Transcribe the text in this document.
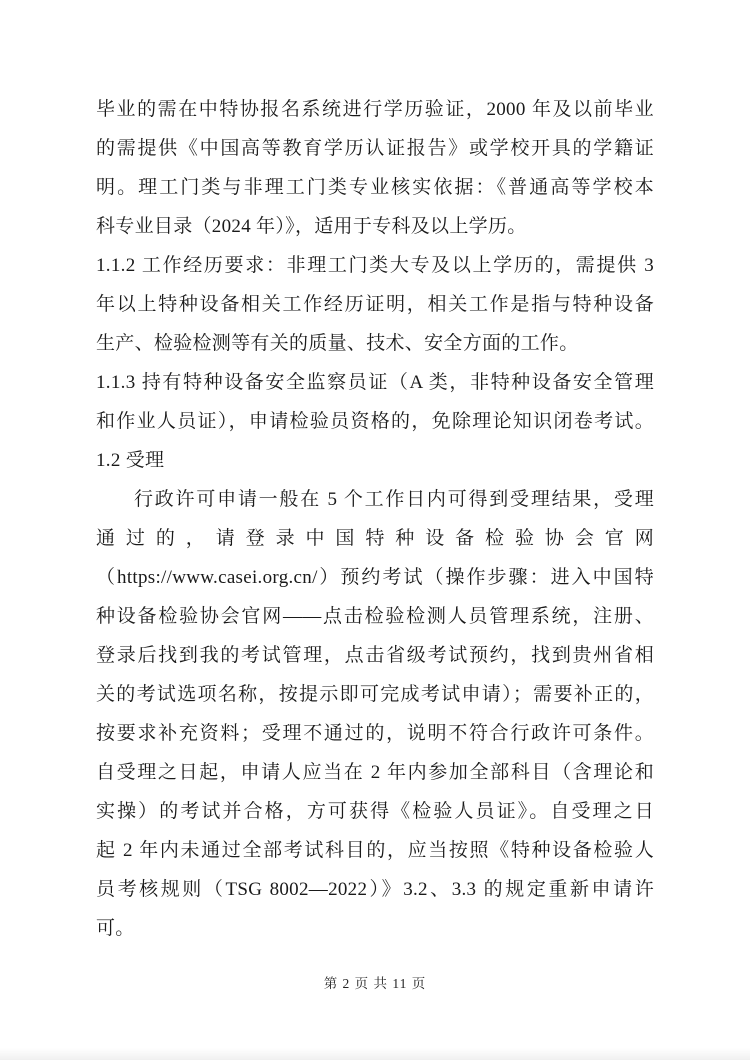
毕业的需在中特协报名系统进行学历验证，2000 年及以前毕业
的需提供《中国高等教育学历认证报告》或学校开具的学籍证
明。理工门类与非理工门类专业核实依据：《普通高等学校本
科专业目录（2024 年）》，适用于专科及以上学历。
1.1.2 工作经历要求：非理工门类大专及以上学历的，需提供 3
年以上特种设备相关工作经历证明，相关工作是指与特种设备
生产、检验检测等有关的质量、技术、安全方面的工作。
1.1.3 持有特种设备安全监察员证（A 类，非特种设备安全管理
和作业人员证），申请检验员资格的，免除理论知识闭卷考试。
1.2 受理
行政许可申请一般在 5 个工作日内可得到受理结果，受理
通过的，请登录中国特种设备检验协会官网
（https://www.casei.org.cn/）预约考试（操作步骤：进入中国特
种设备检验协会官网——点击检验检测人员管理系统，注册、
登录后找到我的考试管理，点击省级考试预约，找到贵州省相
关的考试选项名称，按提示即可完成考试申请）；需要补正的，
按要求补充资料；受理不通过的，说明不符合行政许可条件。
自受理之日起，申请人应当在 2 年内参加全部科目（含理论和
实操）的考试并合格，方可获得《检验人员证》。自受理之日
起 2 年内未通过全部考试科目的，应当按照《特种设备检验人
员考核规则（TSG 8002—2022）》3.2、3.3 的规定重新申请许
可。
第 2 页 共 11 页
